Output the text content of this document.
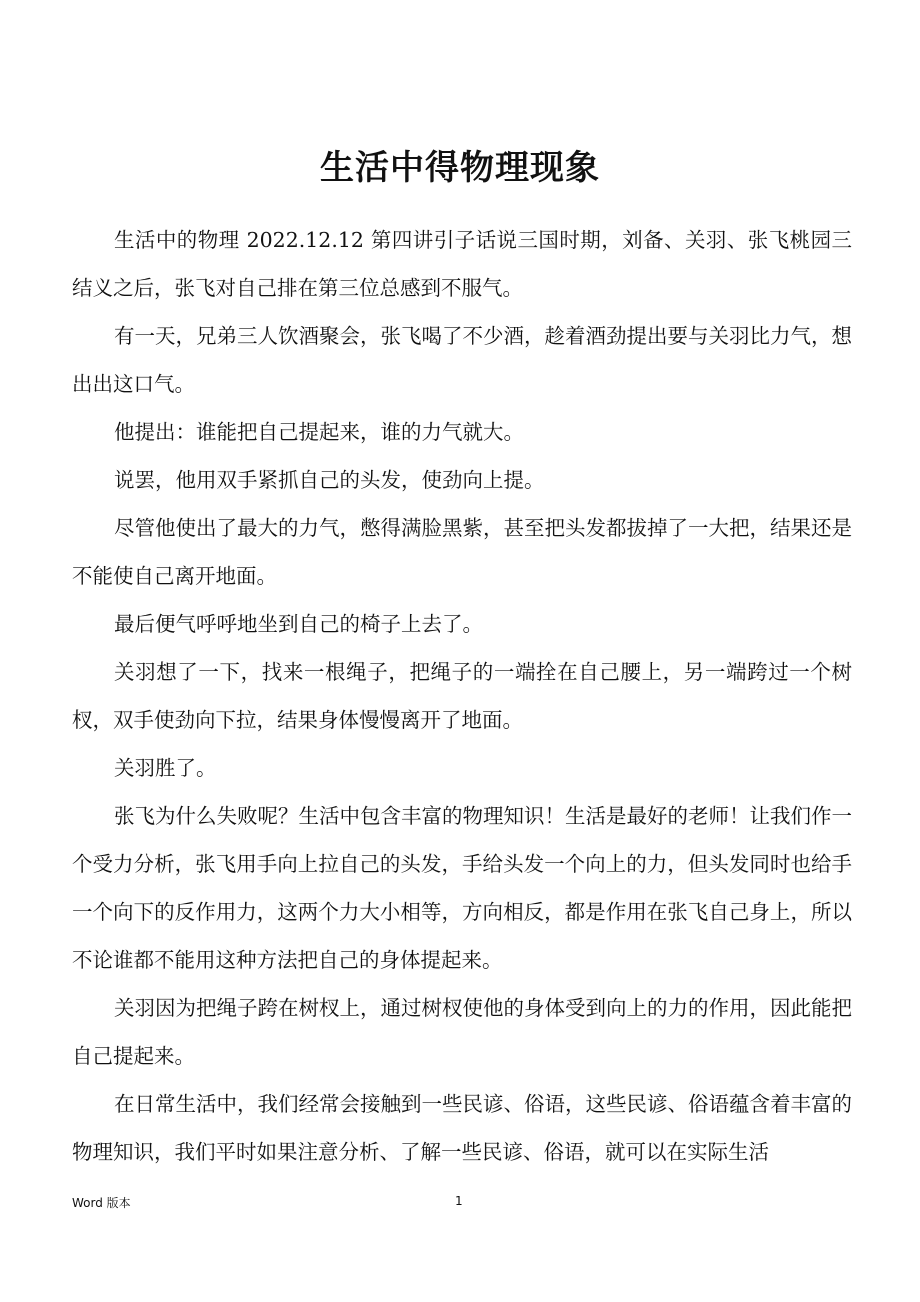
生活中得物理现象

生活中的物理 2022.12.12 第四讲引子话说三国时期，刘备、关羽、张飞桃园三结义之后，张飞对自己排在第三位总感到不服气。

有一天，兄弟三人饮酒聚会，张飞喝了不少酒，趁着酒劲提出要与关羽比力气，想出出这口气。

他提出：谁能把自己提起来，谁的力气就大。

说罢，他用双手紧抓自己的头发，使劲向上提。

尽管他使出了最大的力气，憋得满脸黑紫，甚至把头发都拔掉了一大把，结果还是不能使自己离开地面。

最后便气呼呼地坐到自己的椅子上去了。

关羽想了一下，找来一根绳子，把绳子的一端拴在自己腰上，另一端跨过一个树杈，双手使劲向下拉，结果身体慢慢离开了地面。

关羽胜了。

张飞为什么失败呢？生活中包含丰富的物理知识！生活是最好的老师！让我们作一个受力分析，张飞用手向上拉自己的头发，手给头发一个向上的力，但头发同时也给手一个向下的反作用力，这两个力大小相等，方向相反，都是作用在张飞自己身上，所以不论谁都不能用这种方法把自己的身体提起来。

关羽因为把绳子跨在树杈上，通过树杈使他的身体受到向上的力的作用，因此能把自己提起来。

在日常生活中，我们经常会接触到一些民谚、俗语，这些民谚、俗语蕴含着丰富的物理知识，我们平时如果注意分析、了解一些民谚、俗语，就可以在实际生活

Word 版本	1
